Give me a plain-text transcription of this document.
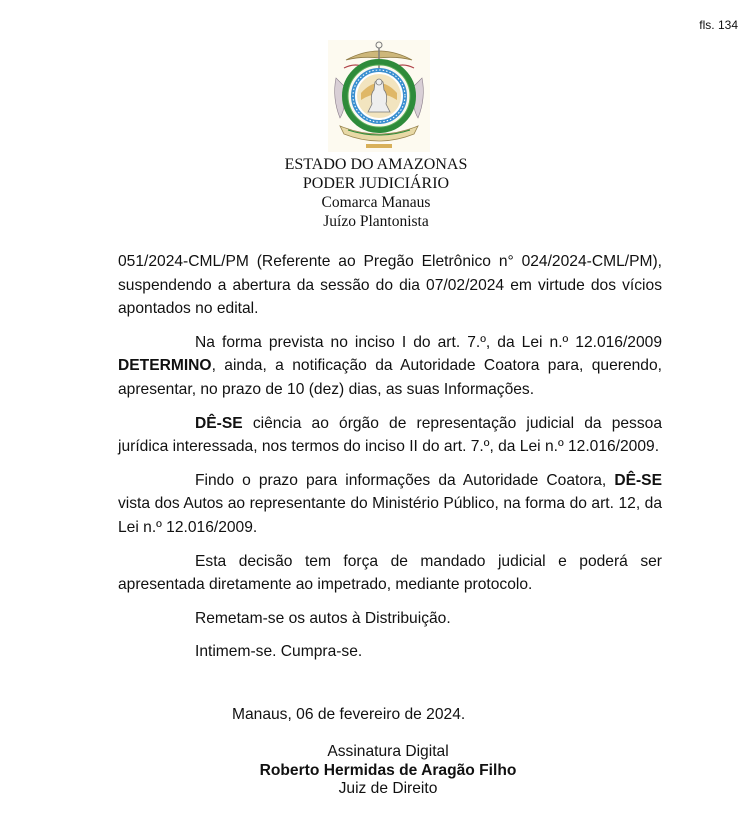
fls. 134
ESTADO DO AMAZONAS
PODER JUDICIÁRIO
Comarca Manaus
Juízo Plantonista

051/2024-CML/PM (Referente ao Pregão Eletrônico n° 024/2024-CML/PM), suspendendo a abertura da sessão do dia 07/02/2024 em virtude dos vícios apontados no edital.

Na forma prevista no inciso I do art. 7.º, da Lei n.º 12.016/2009 DETERMINO, ainda, a notificação da Autoridade Coatora para, querendo, apresentar, no prazo de 10 (dez) dias, as suas Informações.

DÊ-SE ciência ao órgão de representação judicial da pessoa jurídica interessada, nos termos do inciso II do art. 7.º, da Lei n.º 12.016/2009.

Findo o prazo para informações da Autoridade Coatora, DÊ-SE vista dos Autos ao representante do Ministério Público, na forma do art. 12, da Lei n.º 12.016/2009.

Esta decisão tem força de mandado judicial e poderá ser apresentada diretamente ao impetrado, mediante protocolo.

Remetam-se os autos à Distribuição.

Intimem-se. Cumpra-se.

Manaus, 06 de fevereiro de 2024.
Assinatura Digital
Roberto Hermidas de Aragão Filho
Juiz de Direito
